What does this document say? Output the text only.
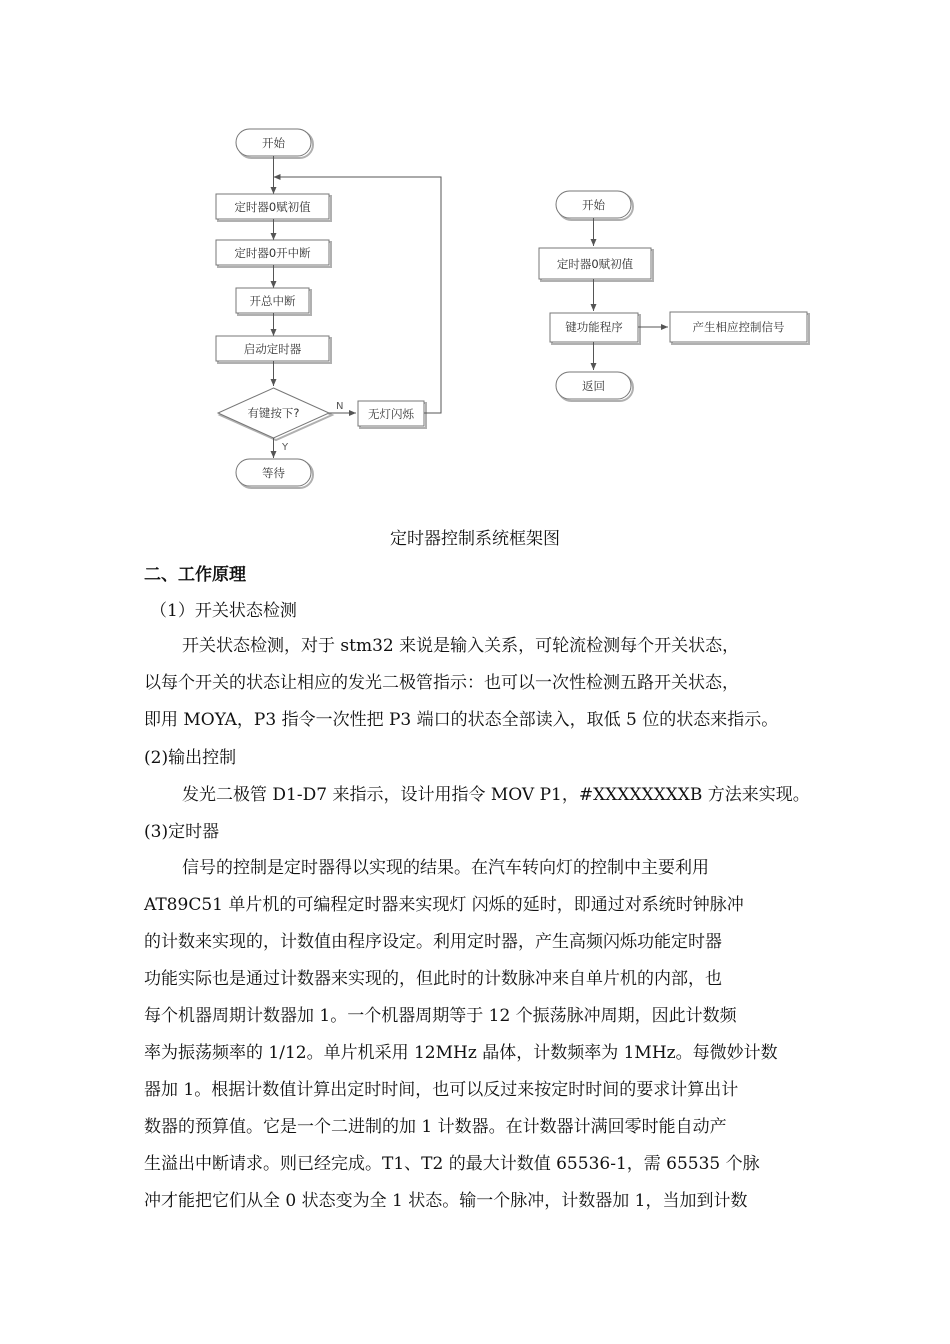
开始
定时器0赋初值
定时器0开中断
开总中断
启动定时器
有键按下?	N
无灯闪烁
Y
等待
开始
定时器0赋初值
键功能程序	产生相应控制信号
返回

定时器控制系统框架图

二、工作原理

（1）开关状态检测

开关状态检测，对于 stm32 来说是输入关系，可轮流检测每个开关状态，

以每个开关的状态让相应的发光二极管指示：也可以一次性检测五路开关状态，

即用 MOYA，P3 指令一次性把 P3 端口的状态全部读入，取低 5 位的状态来指示。

(2)输出控制

发光二极管 D1-D7 来指示，设计用指令 MOV P1，#XXXXXXXXB 方法来实现。

(3)定时器

信号的控制是定时器得以实现的结果。在汽车转向灯的控制中主要利用

AT89C51 单片机的可编程定时器来实现灯 闪烁的延时，即通过对系统时钟脉冲

的计数来实现的，计数值由程序设定。利用定时器，产生高频闪烁功能定时器

功能实际也是通过计数器来实现的，但此时的计数脉冲来自单片机的内部，也

每个机器周期计数器加 1。一个机器周期等于 12 个振荡脉冲周期，因此计数频

率为振荡频率的 1/12。单片机采用 12MHz 晶体，计数频率为 1MHz。每微妙计数

器加 1。根据计数值计算出定时时间，也可以反过来按定时时间的要求计算出计

数器的预算值。它是一个二进制的加 1 计数器。在计数器计满回零时能自动产

生溢出中断请求。则已经完成。T1、T2 的最大计数值 65536-1，需 65535 个脉

冲才能把它们从全 0 状态变为全 1 状态。输一个脉冲，计数器加 1，当加到计数
